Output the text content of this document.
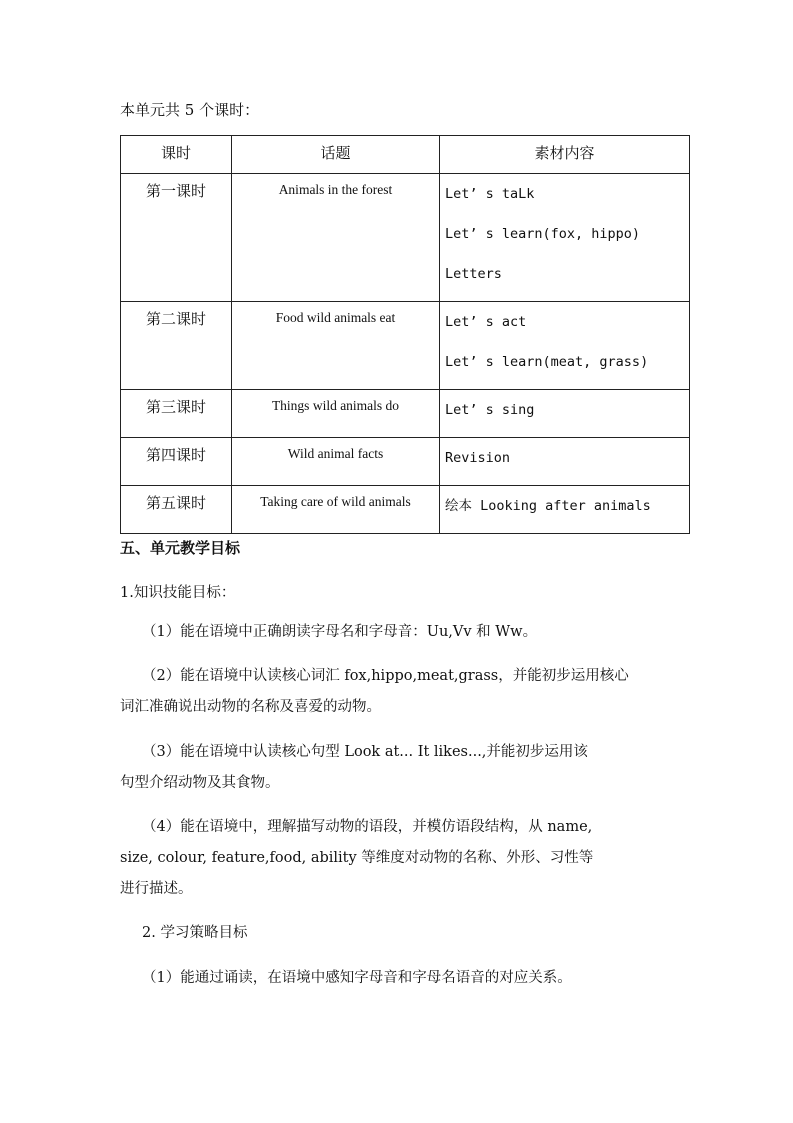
本单元共 5 个课时：
课时	话题	素材内容
第一课时	Animals in the forest	Let’ s taLk
Let’ s learn(fox, hippo)
Letters

第二课时	Food wild animals eat	Let’ s act
Let’ s learn(meat, grass)

第三课时	Things wild animals do	Let’ s sing

第四课时	Wild animal facts	Revision

第五课时	Taking care of wild animals	绘本 Looking after animals
五、单元教学目标
1.知识技能目标：
（1）能在语境中正确朗读字母名和字母音：Uu,Vv 和 Ww。
（2）能在语境中认读核心词汇 fox,hippo,meat,grass，并能初步运用核心
词汇准确说出动物的名称及喜爱的动物。
（3）能在语境中认读核心句型 Look at... It likes...,并能初步运用该
句型介绍动物及其食物。
（4）能在语境中，理解描写动物的语段，并模仿语段结构，从 name,
size, colour, feature,food, ability 等维度对动物的名称、外形、习性等
进行描述。
2. 学习策略目标
（1）能通过诵读，在语境中感知字母音和字母名语音的对应关系。
